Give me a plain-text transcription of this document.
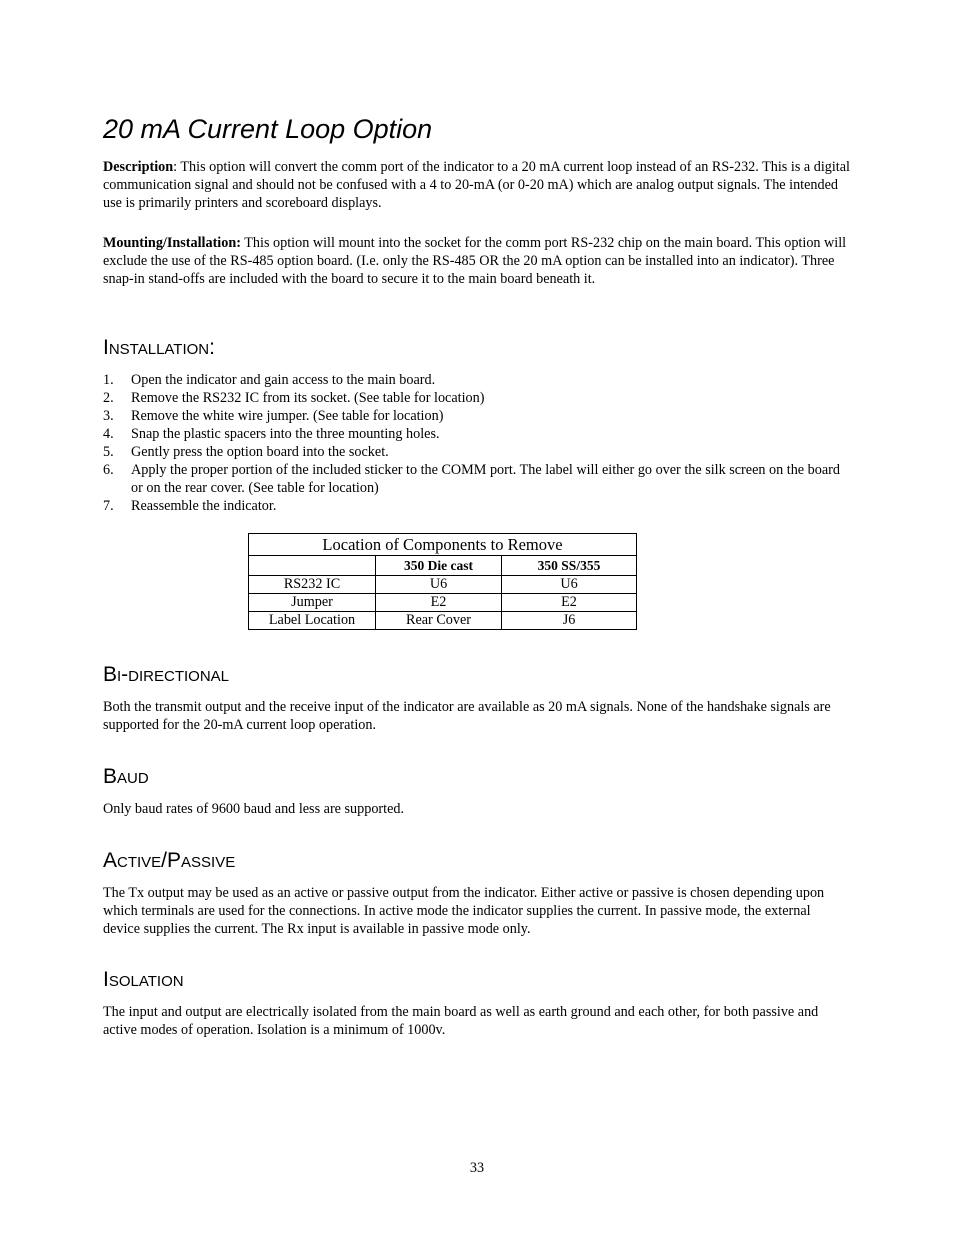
20 mA Current Loop Option

Description: This option will convert the comm port of the indicator to a 20 mA current loop instead of an RS-232. This is a digital communication signal and should not be confused with a 4 to 20-mA (or 0-20 mA) which are analog output signals. The intended use is primarily printers and scoreboard displays.

Mounting/Installation: This option will mount into the socket for the comm port RS-232 chip on the main board. This option will exclude the use of the RS-485 option board. (I.e. only the RS-485 OR the 20 mA option can be installed into an indicator). Three snap-in stand-offs are included with the board to secure it to the main board beneath it.

Installation:
1. Open the indicator and gain access to the main board.
2. Remove the RS232 IC from its socket. (See table for location)
3. Remove the white wire jumper. (See table for location)
4. Snap the plastic spacers into the three mounting holes.
5. Gently press the option board into the socket.
6. Apply the proper portion of the included sticker to the COMM port. The label will either go over the silk screen on the board or on the rear cover. (See table for location)
7. Reassemble the indicator.
Bi-directional

Both the transmit output and the receive input of the indicator are available as 20 mA signals. None of the handshake signals are supported for the 20-mA current loop operation.

Baud

Only baud rates of 9600 baud and less are supported.

Active/Passive

The Tx output may be used as an active or passive output from the indicator. Either active or passive is chosen depending upon which terminals are used for the connections. In active mode the indicator supplies the current. In passive mode, the external device supplies the current. The Rx input is available in passive mode only.

Isolation

The input and output are electrically isolated from the main board as well as earth ground and each other, for both passive and active modes of operation. Isolation is a minimum of 1000v.

Location of Components to Remove		
	350 Die cast	350 SS/355
RS232 IC	U6	U6
Jumper	E2	E2
Label Location	Rear Cover	J6
33
